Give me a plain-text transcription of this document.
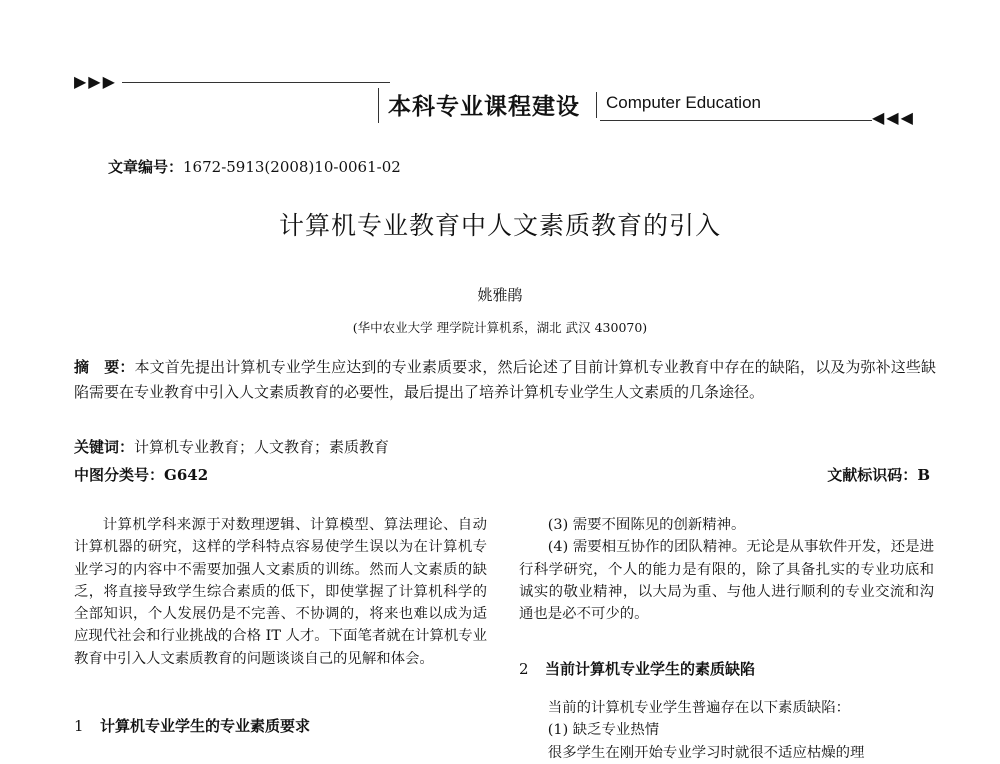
▶▶▶
本科专业课程建设 Computer Education
◀◀◀
文章编号：1672-5913(2008)10-0061-02
计算机专业教育中人文素质教育的引入
姚雅鹃
(华中农业大学 理学院计算机系，湖北 武汉 430070)
摘　要：本文首先提出计算机专业学生应达到的专业素质要求，然后论述了目前计算机专业教育中存在的缺陷，以及为弥补这些缺陷需要在专业教育中引入人文素质教育的必要性，最后提出了培养计算机专业学生人文素质的几条途径。
关键词：计算机专业教育；人文教育；素质教育
中图分类号：G642	文献标识码：B

计算机学科来源于对数理逻辑、计算模型、算法理论、自动计算机器的研究，这样的学科特点容易使学生误以为在计算机专业学习的内容中不需要加强人文素质的训练。然而人文素质的缺乏，将直接导致学生综合素质的低下，即使掌握了计算机科学的全部知识，个人发展仍是不完善、不协调的，将来也难以成为适应现代社会和行业挑战的合格 IT 人才。下面笔者就在计算机专业教育中引入人文素质教育的问题谈谈自己的见解和体会。

1 计算机专业学生的专业素质要求

(3) 需要不囿陈见的创新精神。

(4) 需要相互协作的团队精神。无论是从事软件开发，还是进行科学研究，个人的能力是有限的，除了具备扎实的专业功底和诚实的敬业精神，以大局为重、与他人进行顺利的专业交流和沟通也是必不可少的。

2 当前计算机专业学生的素质缺陷

当前的计算机专业学生普遍存在以下素质缺陷：

(1) 缺乏专业热情

很多学生在刚开始专业学习时就很不适应枯燥的理
